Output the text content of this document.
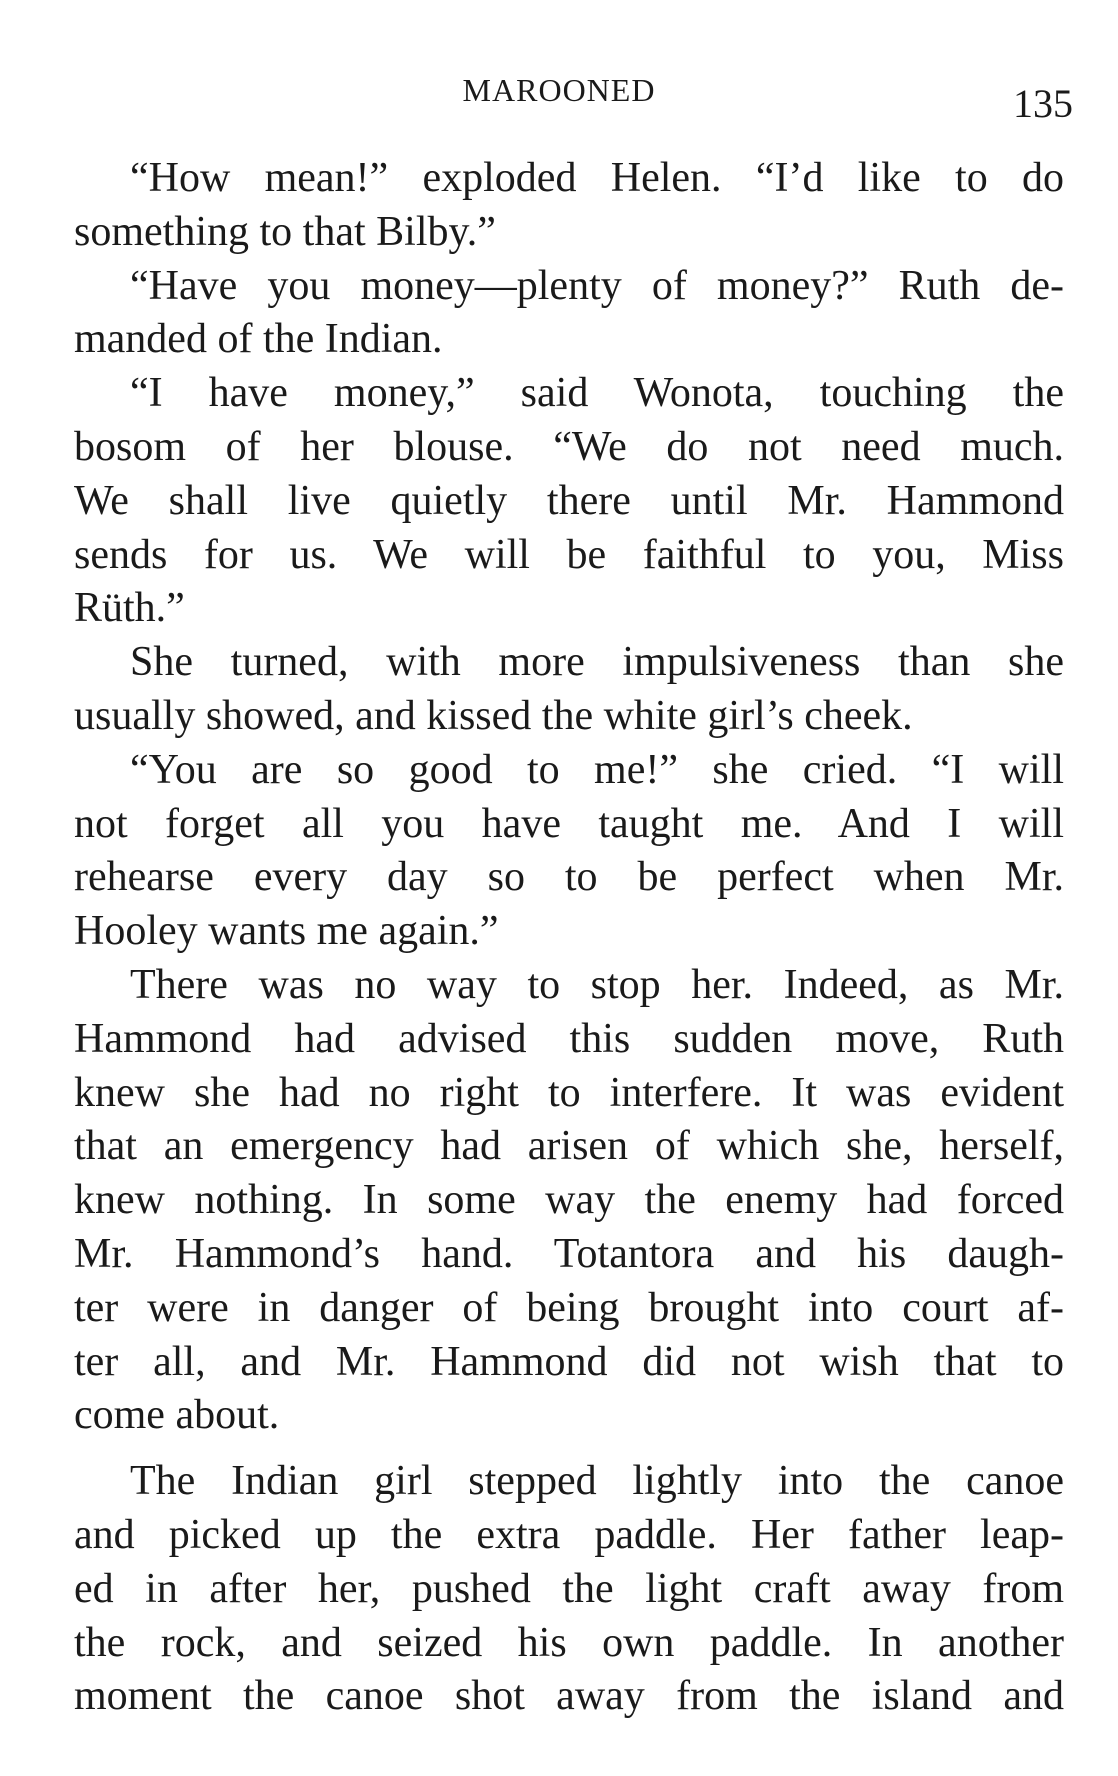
MAROONED	135
“How mean!” exploded Helen. “I’d like to do
something to that Bilby.”
“Have you money—plenty of money?” Ruth de-
manded of the Indian.
“I have money,” said Wonota, touching the
bosom of her blouse. “We do not need much.
We shall live quietly there until Mr. Hammond
sends for us. We will be faithful to you, Miss
Rüth.”
She turned, with more impulsiveness than she
usually showed, and kissed the white girl’s cheek.
“You are so good to me!” she cried. “I will
not forget all you have taught me. And I will
rehearse every day so to be perfect when Mr.
Hooley wants me again.”
There was no way to stop her. Indeed, as Mr.
Hammond had advised this sudden move, Ruth
knew she had no right to interfere. It was evident
that an emergency had arisen of which she, herself,
knew nothing. In some way the enemy had forced
Mr. Hammond’s hand. Totantora and his daugh-
ter were in danger of being brought into court af-
ter all, and Mr. Hammond did not wish that to
come about.
The Indian girl stepped lightly into the canoe
and picked up the extra paddle. Her father leap-
ed in after her, pushed the light craft away from
the rock, and seized his own paddle. In another
moment the canoe shot away from the island and
